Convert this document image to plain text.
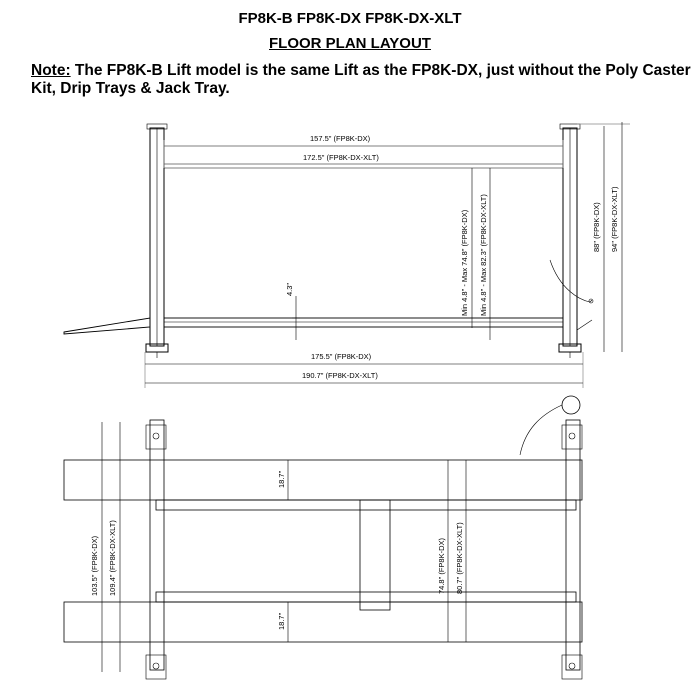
FP8K-B FP8K-DX FP8K-DX-XLT
FLOOR PLAN LAYOUT
Note: The FP8K-B Lift model is the same Lift as the FP8K-DX, just without the Poly Caster Kit, Drip Trays & Jack Tray.
157.5" (FP8K-DX)
172.5" (FP8K-DX-XLT)
175.5" (FP8K-DX)
190.7" (FP8K-DX-XLT)
4.3"	Min 4.8" - Max 74.8" (FP8K-DX) Min 4.8" - Max 82.3" (FP8K-DX-XLT)	88" (FP8K-DX) 94" (FP8K-DX-XLT)
18.7"
18.7"
103.5" (FP8K-DX) 109.4" (FP8K-DX-XLT)	74.8" (FP8K-DX) 80.7" (FP8K-DX-XLT)
